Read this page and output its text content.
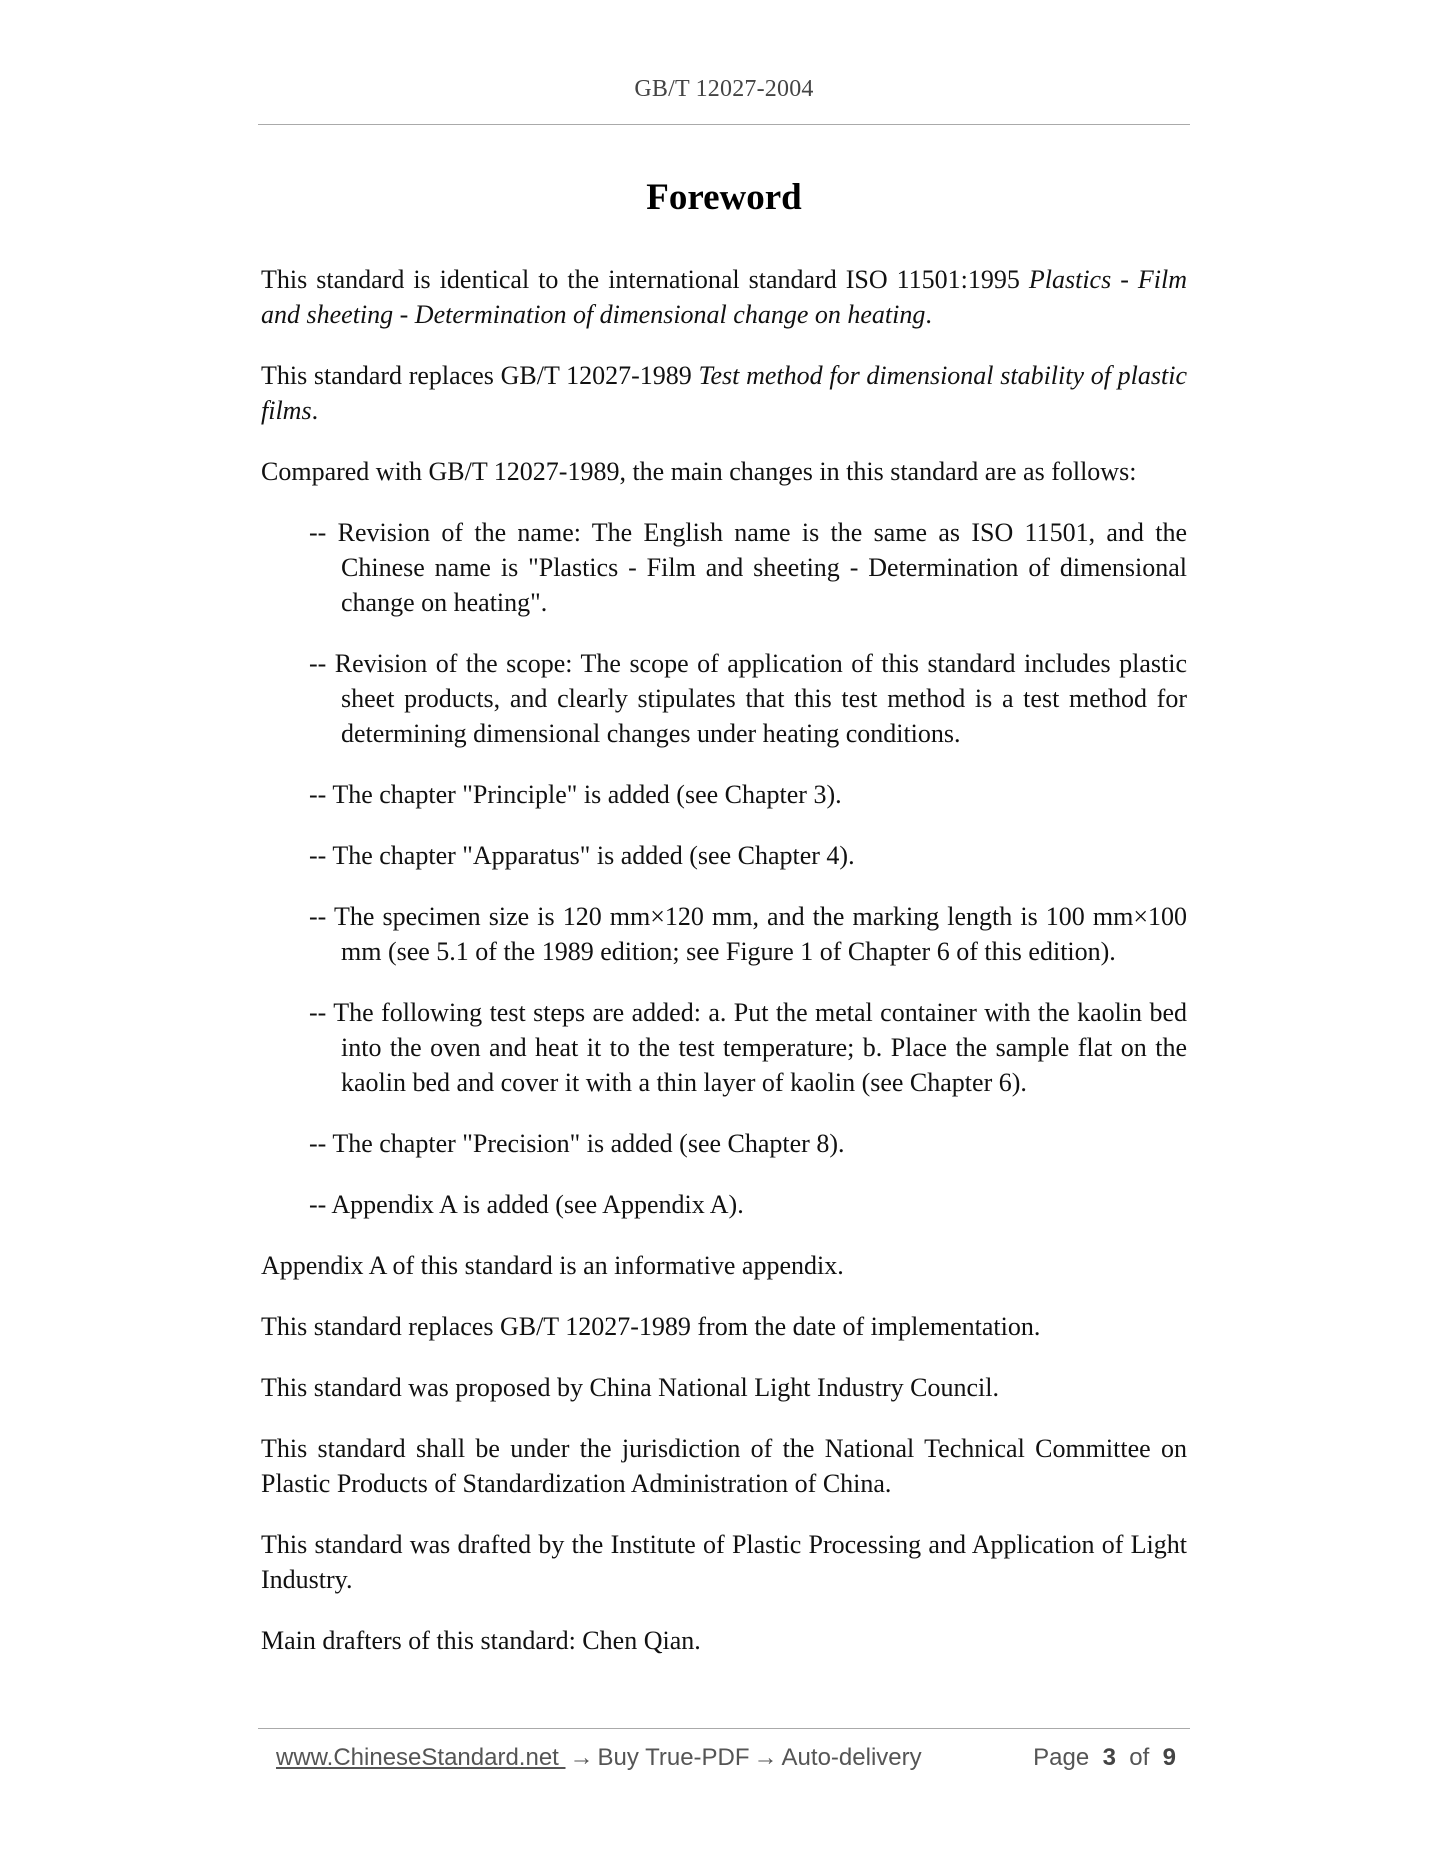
GB/T 12027-2004
Foreword

This standard is identical to the international standard ISO 11501:1995 Plastics - Film and sheeting - Determination of dimensional change on heating.

This standard replaces GB/T 12027-1989 Test method for dimensional stability of plastic films.

Compared with GB/T 12027-1989, the main changes in this standard are as follows:

-- Revision of the name: The English name is the same as ISO 11501, and the Chinese name is "Plastics - Film and sheeting - Determination of dimensional change on heating".

-- Revision of the scope: The scope of application of this standard includes plastic sheet products, and clearly stipulates that this test method is a test method for determining dimensional changes under heating conditions.

-- The chapter "Principle" is added (see Chapter 3).

-- The chapter "Apparatus" is added (see Chapter 4).

-- The specimen size is 120 mm×120 mm, and the marking length is 100 mm×100 mm (see 5.1 of the 1989 edition; see Figure 1 of Chapter 6 of this edition).

-- The following test steps are added: a. Put the metal container with the kaolin bed into the oven and heat it to the test temperature; b. Place the sample flat on the kaolin bed and cover it with a thin layer of kaolin (see Chapter 6).

-- The chapter "Precision" is added (see Chapter 8).

-- Appendix A is added (see Appendix A).

Appendix A of this standard is an informative appendix.

This standard replaces GB/T 12027-1989 from the date of implementation.

This standard was proposed by China National Light Industry Council.

This standard shall be under the jurisdiction of the National Technical Committee on Plastic Products of Standardization Administration of China.

This standard was drafted by the Institute of Plastic Processing and Application of Light Industry.

Main drafters of this standard: Chen Qian.

www.ChineseStandard.net → Buy True-PDF → Auto-delivery	Page 3 of 9
